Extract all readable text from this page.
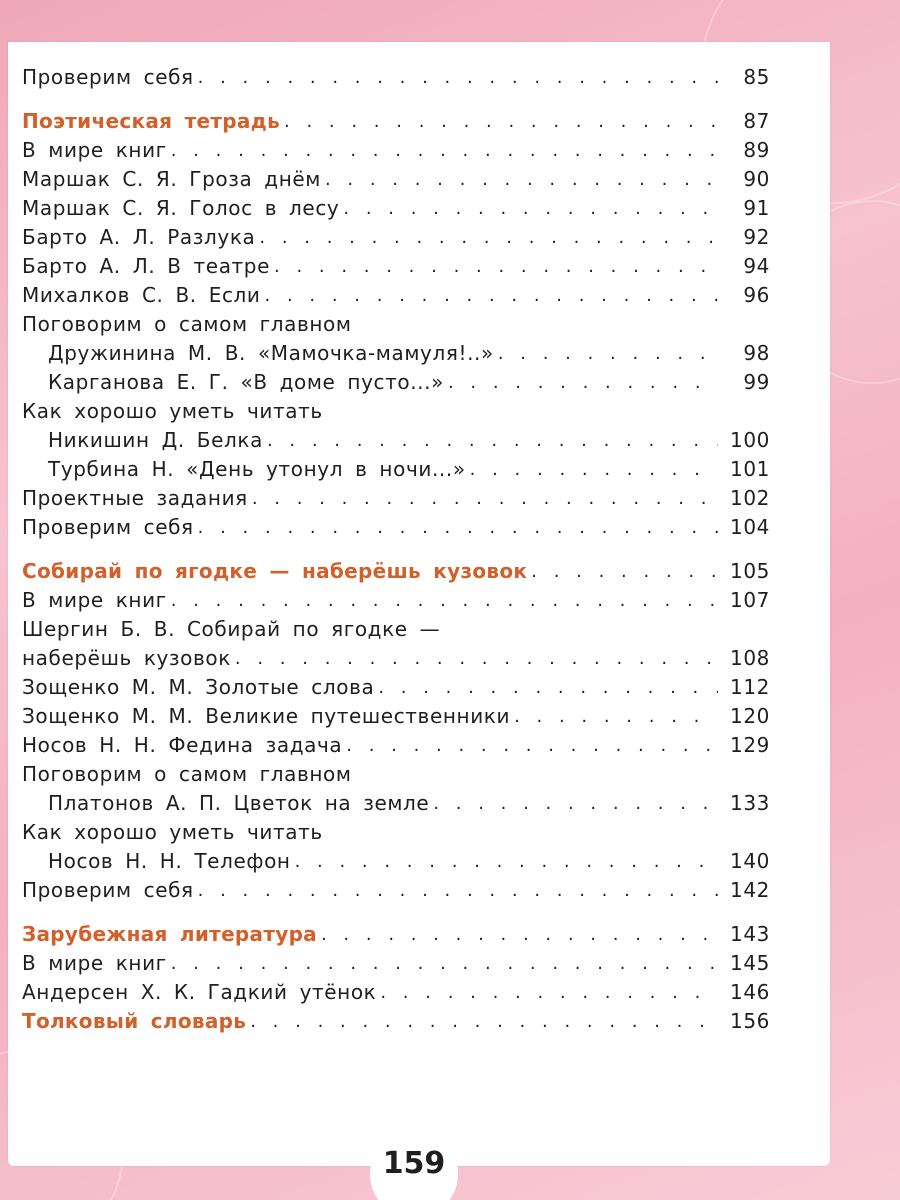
Проверим себя . . .	85
Поэтическая тетрадь . . .	87
В мире книг . . .	89
Маршак С. Я. Гроза днём . . .	90
Маршак С. Я. Голос в лесу . . .	91
Барто А. Л. Разлука . . .	92
Барто А. Л. В театре . . .	94
Михалков С. В. Если . . .	96
Поговорим о самом главном
Дружинина М. В. «Мамочка-мамуля!..» . . .	98
Карганова Е. Г. «В доме пусто...» . . .	99
Как хорошо уметь читать
Никишин Д. Белка . . .	100
Турбина Н. «День утонул в ночи...» . . .	101
Проектные задания . . .	102
Проверим себя . . .	104
Собирай по ягодке — наберёшь кузовок . . .	105
В мире книг . . .	107
Шергин Б. В. Собирай по ягодке —
наберёшь кузовок . . .	108
Зощенко М. М. Золотые слова . . .	112
Зощенко М. М. Великие путешественники . . .	120
Носов Н. Н. Федина задача . . .	129
Поговорим о самом главном
Платонов А. П. Цветок на земле . . .	133
Как хорошо уметь читать
Носов Н. Н. Телефон . . .	140
Проверим себя . . .	142
Зарубежная литература . . .	143
В мире книг . . .	145
Андерсен Х. К. Гадкий утёнок . . .	146
Толковый словарь . . .	156
159
